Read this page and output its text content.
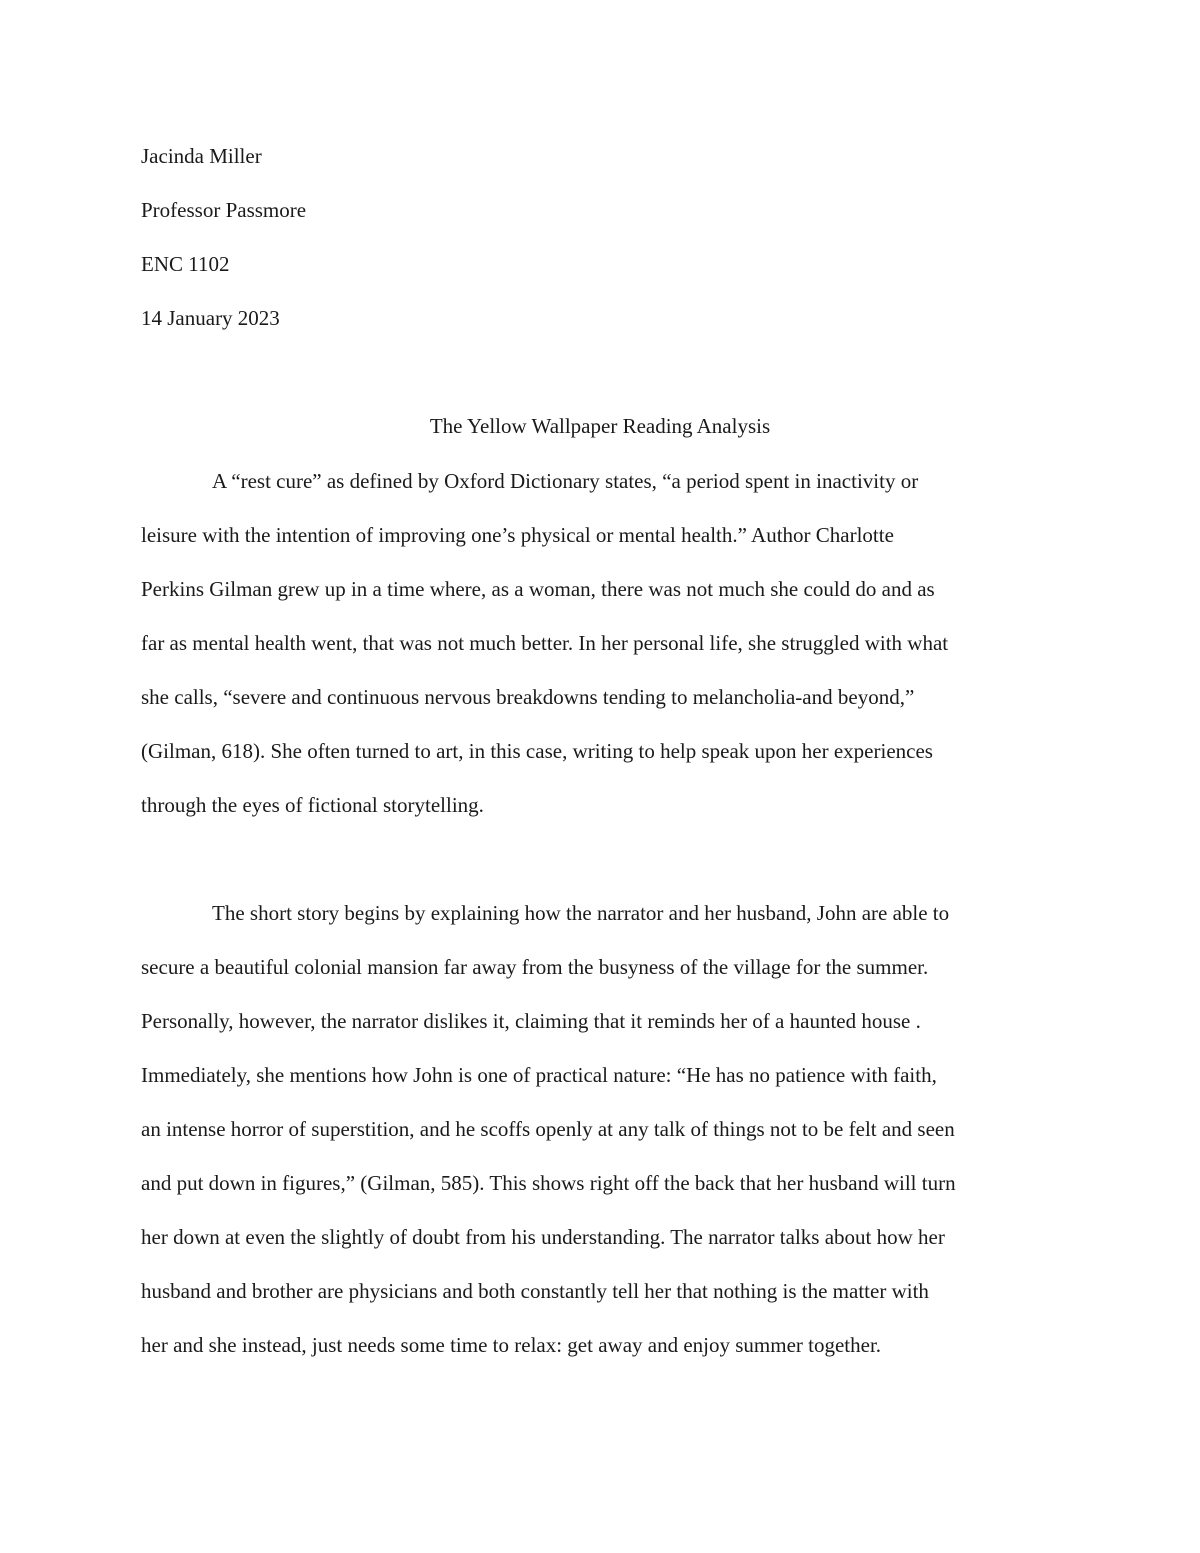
Jacinda Miller

Professor Passmore

ENC 1102

14 January 2023

The Yellow Wallpaper Reading Analysis

A “rest cure” as defined by Oxford Dictionary states, “a period spent in inactivity or

leisure with the intention of improving one’s physical or mental health.” Author Charlotte

Perkins Gilman grew up in a time where, as a woman, there was not much she could do and as

far as mental health went, that was not much better. In her personal life, she struggled with what

she calls, “severe and continuous nervous breakdowns tending to melancholia-and beyond,”

(Gilman, 618). She often turned to art, in this case, writing to help speak upon her experiences

through the eyes of fictional storytelling.

The short story begins by explaining how the narrator and her husband, John are able to

secure a beautiful colonial mansion far away from the busyness of the village for the summer.

Personally, however, the narrator dislikes it, claiming that it reminds her of a haunted house .

Immediately, she mentions how John is one of practical nature: “He has no patience with faith,

an intense horror of superstition, and he scoffs openly at any talk of things not to be felt and seen

and put down in figures,” (Gilman, 585). This shows right off the back that her husband will turn

her down at even the slightly of doubt from his understanding. The narrator talks about how her

husband and brother are physicians and both constantly tell her that nothing is the matter with

her and she instead, just needs some time to relax: get away and enjoy summer together.
